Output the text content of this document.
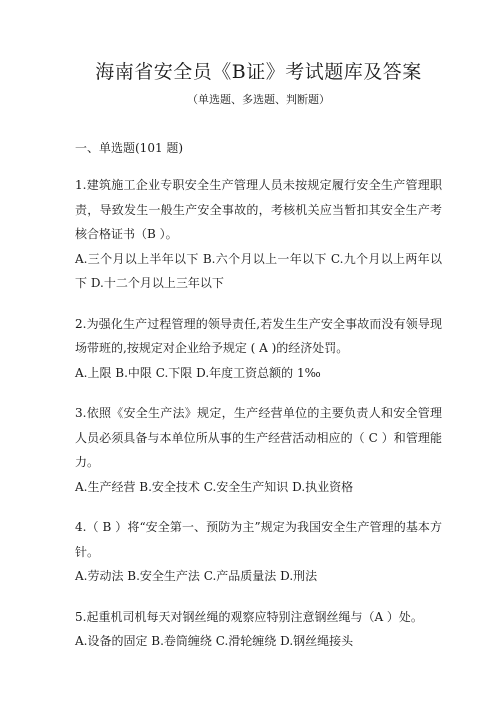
海南省安全员《B证》考试题库及答案
（单选题、多选题、判断题）
一、单选题(101 题)
1.建筑施工企业专职安全生产管理人员未按规定履行安全生产管理职责，导致发生一般生产安全事故的，考核机关应当暂扣其安全生产考核合格证书（B ）。
A.三个月以上半年以下 B.六个月以上一年以下 C.九个月以上两年以下 D.十二个月以上三年以下
2.为强化生产过程管理的领导责任,若发生生产安全事故而没有领导现场带班的,按规定对企业给予规定 ( A )的经济处罚。
A.上限 B.中限 C.下限 D.年度工资总额的 1‰
3.依照《安全生产法》规定，生产经营单位的主要负责人和安全管理人员必须具备与本单位所从事的生产经营活动相应的（ C ）和管理能力。
A.生产经营 B.安全技术 C.安全生产知识 D.执业资格
4.（ B ）将“安全第一、预防为主”规定为我国安全生产管理的基本方针。
A.劳动法 B.安全生产法 C.产品质量法 D.刑法
5.起重机司机每天对钢丝绳的观察应特别注意钢丝绳与（A ）处。
A.设备的固定 B.卷筒缠绕 C.滑轮缠绕 D.钢丝绳接头
